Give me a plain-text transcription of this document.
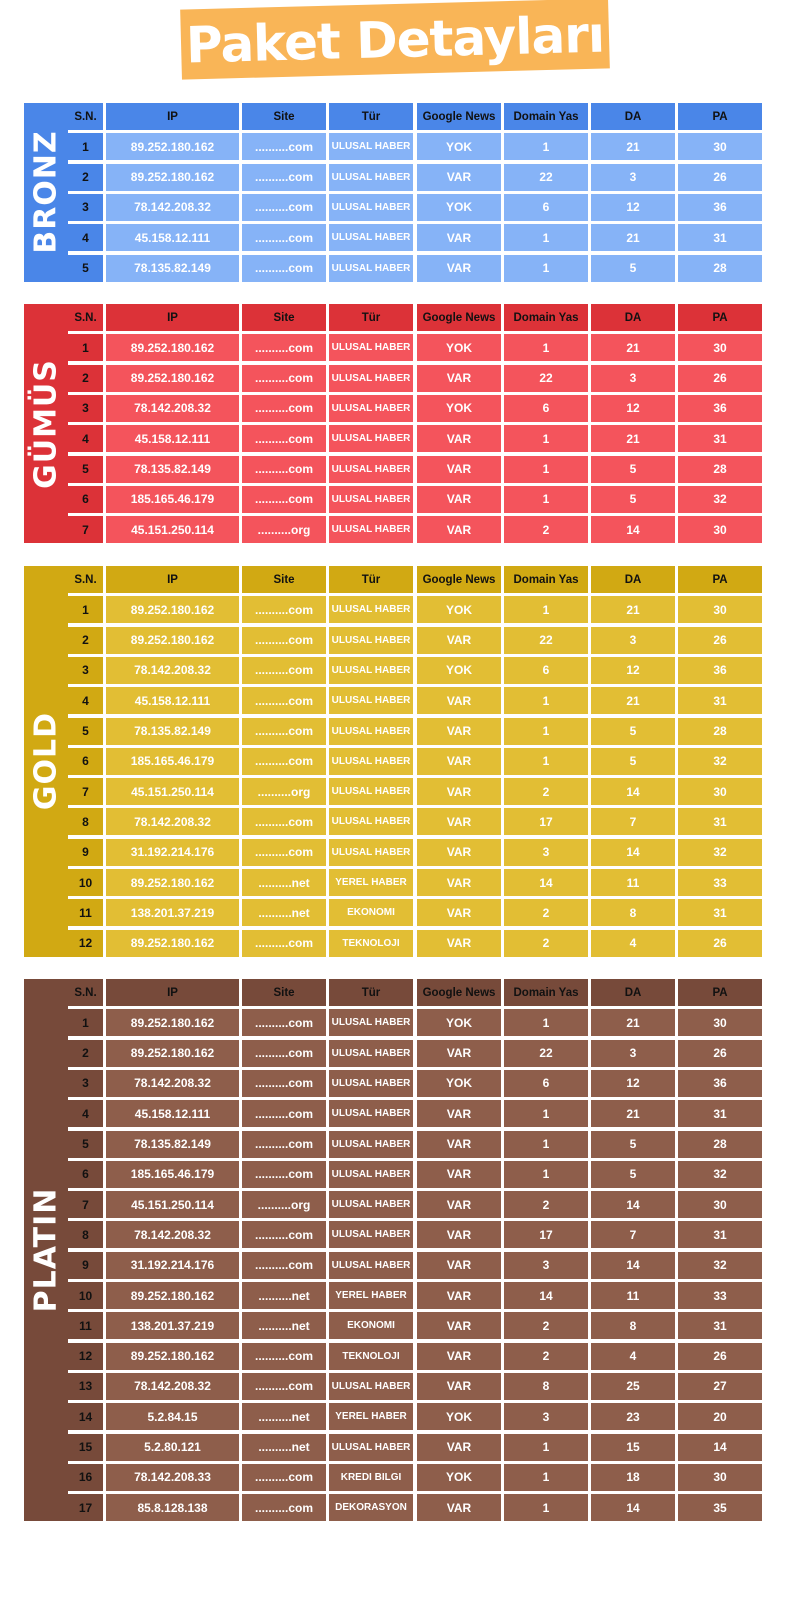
Paket Detayları
BRONZ
S.N.	IP	Site	Tür	Google News	Domain Yas	DA	PA
1	89.252.180.162	..........com	ULUSAL HABER	YOK	1	21	30
2	89.252.180.162	..........com	ULUSAL HABER	VAR	22	3	26
3	78.142.208.32	..........com	ULUSAL HABER	YOK	6	12	36
4	45.158.12.111	..........com	ULUSAL HABER	VAR	1	21	31
5	78.135.82.149	..........com	ULUSAL HABER	VAR	1	5	28
GÜMÜS
S.N.	IP	Site	Tür	Google News	Domain Yas	DA	PA
1	89.252.180.162	..........com	ULUSAL HABER	YOK	1	21	30
2	89.252.180.162	..........com	ULUSAL HABER	VAR	22	3	26
3	78.142.208.32	..........com	ULUSAL HABER	YOK	6	12	36
4	45.158.12.111	..........com	ULUSAL HABER	VAR	1	21	31
5	78.135.82.149	..........com	ULUSAL HABER	VAR	1	5	28
6	185.165.46.179	..........com	ULUSAL HABER	VAR	1	5	32
7	45.151.250.114	..........org	ULUSAL HABER	VAR	2	14	30
GOLD
S.N.	IP	Site	Tür	Google News	Domain Yas	DA	PA
1	89.252.180.162	..........com	ULUSAL HABER	YOK	1	21	30
2	89.252.180.162	..........com	ULUSAL HABER	VAR	22	3	26
3	78.142.208.32	..........com	ULUSAL HABER	YOK	6	12	36
4	45.158.12.111	..........com	ULUSAL HABER	VAR	1	21	31
5	78.135.82.149	..........com	ULUSAL HABER	VAR	1	5	28
6	185.165.46.179	..........com	ULUSAL HABER	VAR	1	5	32
7	45.151.250.114	..........org	ULUSAL HABER	VAR	2	14	30
8	78.142.208.32	..........com	ULUSAL HABER	VAR	17	7	31
9	31.192.214.176	..........com	ULUSAL HABER	VAR	3	14	32
10	89.252.180.162	..........net	YEREL HABER	VAR	14	11	33
11	138.201.37.219	..........net	EKONOMI	VAR	2	8	31
12	89.252.180.162	..........com	TEKNOLOJI	VAR	2	4	26
PLATIN
S.N.	IP	Site	Tür	Google News	Domain Yas	DA	PA
1	89.252.180.162	..........com	ULUSAL HABER	YOK	1	21	30
2	89.252.180.162	..........com	ULUSAL HABER	VAR	22	3	26
3	78.142.208.32	..........com	ULUSAL HABER	YOK	6	12	36
4	45.158.12.111	..........com	ULUSAL HABER	VAR	1	21	31
5	78.135.82.149	..........com	ULUSAL HABER	VAR	1	5	28
6	185.165.46.179	..........com	ULUSAL HABER	VAR	1	5	32
7	45.151.250.114	..........org	ULUSAL HABER	VAR	2	14	30
8	78.142.208.32	..........com	ULUSAL HABER	VAR	17	7	31
9	31.192.214.176	..........com	ULUSAL HABER	VAR	3	14	32
10	89.252.180.162	..........net	YEREL HABER	VAR	14	11	33
11	138.201.37.219	..........net	EKONOMI	VAR	2	8	31
12	89.252.180.162	..........com	TEKNOLOJI	VAR	2	4	26
13	78.142.208.32	..........com	ULUSAL HABER	VAR	8	25	27
14	5.2.84.15	..........net	YEREL HABER	YOK	3	23	20
15	5.2.80.121	..........net	ULUSAL HABER	VAR	1	15	14
16	78.142.208.33	..........com	KREDI BILGI	YOK	1	18	30
17	85.8.128.138	..........com	DEKORASYON	VAR	1	14	35
